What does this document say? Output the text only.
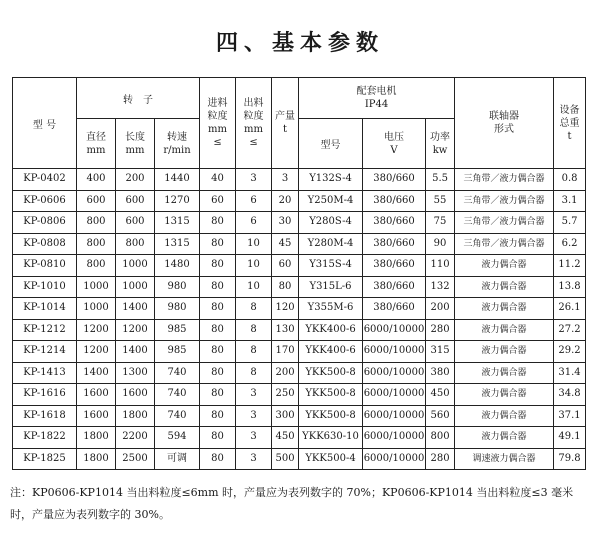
四、基本参数
型 号	转　子			进料
粒度
mm
≤	出料
粒度
mm
≤	产量
t	配套电机
IP44			联轴器
形式	设备
总重
t

	直径
mm	长度
mm	转速
r/min				型号	电压
V	功率
kw		

KP-0402	400	200	1440	40	3	3	Y132S-4	380/660	5.5	三角带／液力偶合器	0.8
KP-0606	600	600	1270	60	6	20	Y250M-4	380/660	55	三角带／液力偶合器	3.1
KP-0806	800	600	1315	80	6	30	Y280S-4	380/660	75	三角带／液力偶合器	5.7
KP-0808	800	800	1315	80	10	45	Y280M-4	380/660	90	三角带／液力偶合器	6.2
KP-0810	800	1000	1480	80	10	60	Y315S-4	380/660	110	液力偶合器	11.2
KP-1010	1000	1000	980	80	10	80	Y315L-6	380/660	132	液力偶合器	13.8
KP-1014	1000	1400	980	80	8	120	Y355M-6	380/660	200	液力偶合器	26.1
KP-1212	1200	1200	985	80	8	130	YKK400-6	6000/10000	280	液力偶合器	27.2
KP-1214	1200	1400	985	80	8	170	YKK400-6	6000/10000	315	液力偶合器	29.2
KP-1413	1400	1300	740	80	8	200	YKK500-8	6000/10000	380	液力偶合器	31.4
KP-1616	1600	1600	740	80	3	250	YKK500-8	6000/10000	450	液力偶合器	34.8
KP-1618	1600	1800	740	80	3	300	YKK500-8	6000/10000	560	液力偶合器	37.1
KP-1822	1800	2200	594	80	3	450	YKK630-10	6000/10000	800	液力偶合器	49.1
KP-1825	1800	2500	可调	80	3	500	YKK500-4	6000/10000	280	调速液力偶合器	79.8
注：KP0606-KP1014 当出料粒度≤6mm 时，产量应为表列数字的 70%；KP0606-KP1014 当出料粒度≤3 毫米时，产量应为表列数字的 30%。
